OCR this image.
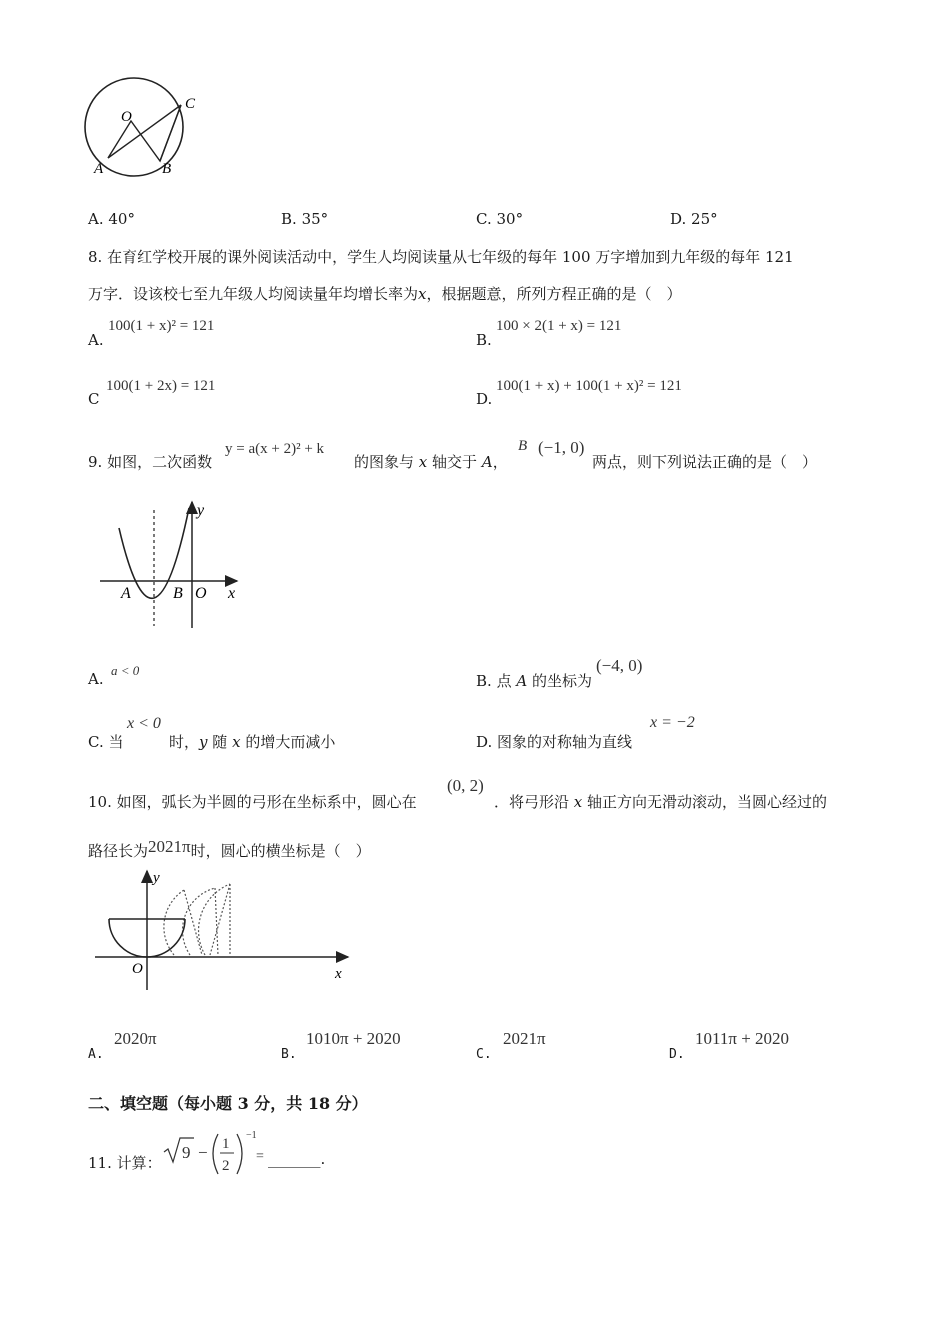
O
A	B
C
A. 40°	B. 35°	C. 30°	D. 25°
8. 在育红学校开展的课外阅读活动中，学生人均阅读量从七年级的每年 100 万字增加到九年级的每年 121
万字．设该校七至九年级人均阅读量年均增长率为x，根据题意，所列方程正确的是（　）
A.
100(1 + x)² = 121
B.
100 × 2(1 + x) = 121
C
100(1 + 2x) = 121
D.
100(1 + x) + 100(1 + x)² = 121
9. 如图，二次函数
y = a(x + 2)² + k
的图象与 x 轴交于 A，
B (−1, 0)
两点，则下列说法正确的是（　）
y
x
A	B O
A. a < 0
B. 点 A 的坐标为
(−4, 0)
C. 当
x < 0
时，y 随 x 的增大而减小	D. 图象的对称轴为直线
x = −2
10. 如图，弧长为半圆的弓形在坐标系中，圆心在
(0, 2)
．将弓形沿 x 轴正方向无滑动滚动，当圆心经过的
路径长为2021π时，圆心的横坐标是（　）
y
x
O
A.
2020π
B.
1010π + 2020
C.
2021π
D.
1011π + 2020
二、填空题（每小题 3 分，共 18 分）
11. 计算：
9 − 1
2
−1
= _______.
